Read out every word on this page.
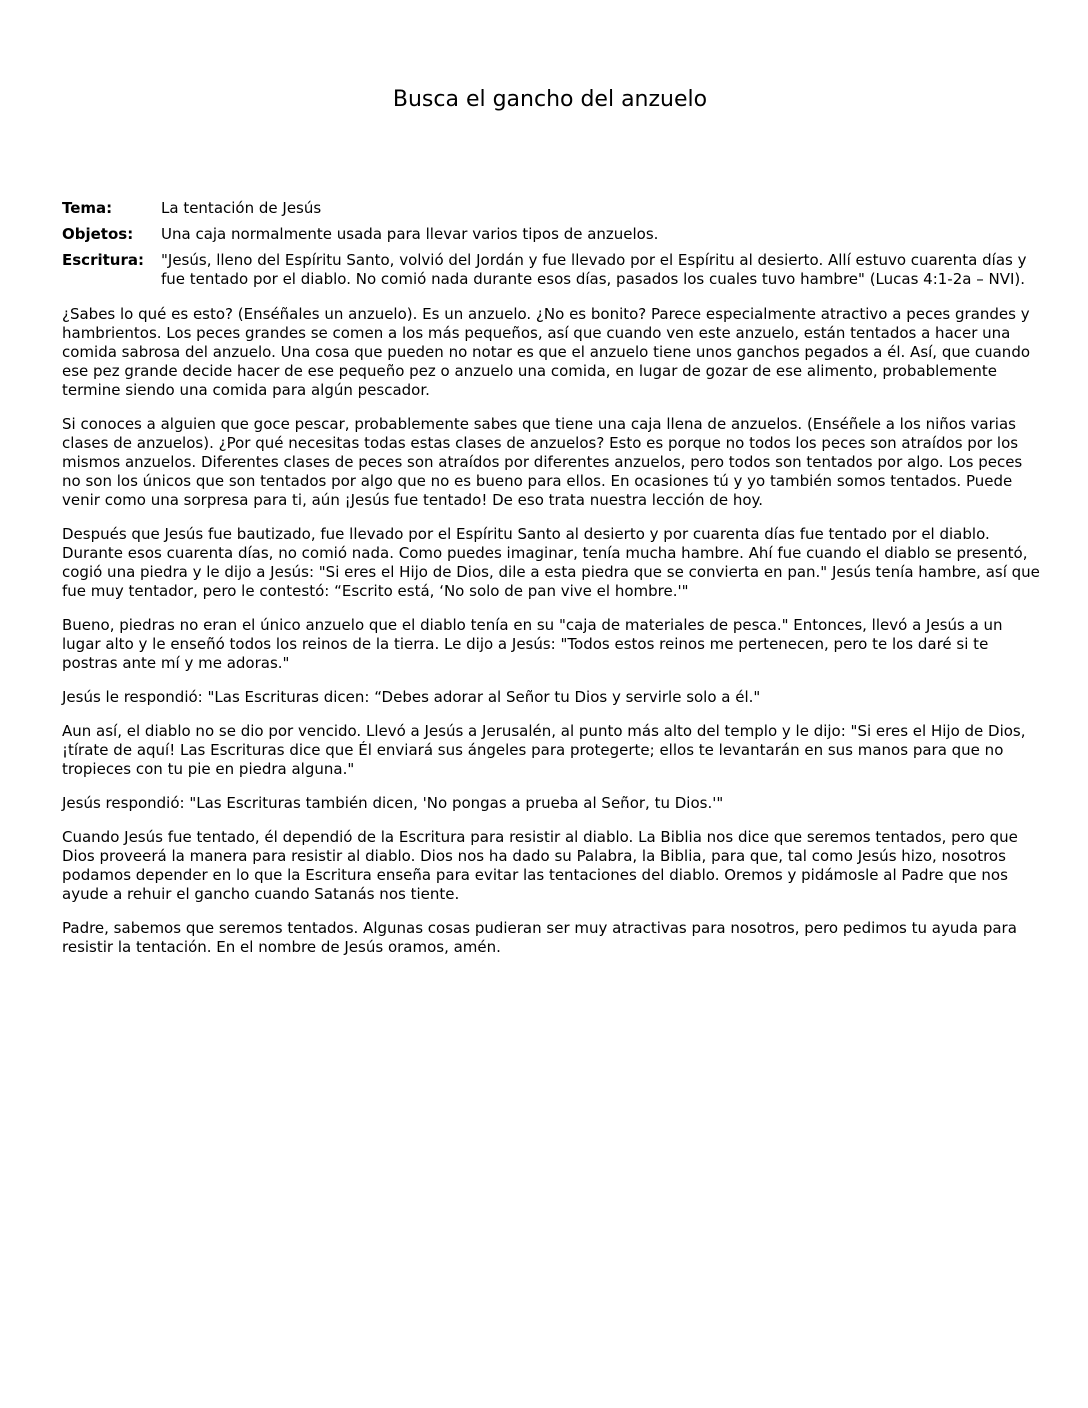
Busca el gancho del anzuelo
Tema:	La tentación de Jesús
Objetos:	Una caja normalmente usada para llevar varios tipos de anzuelos.
Escritura:	"Jesús, lleno del Espíritu Santo, volvió del Jordán y fue llevado por el Espíritu al desierto. Allí estuvo cuarenta días y fue tentado por el diablo. No comió nada durante esos días, pasados los cuales tuvo hambre" (Lucas 4:1-2a – NVI).

¿Sabes lo qué es esto? (Enséñales un anzuelo). Es un anzuelo. ¿No es bonito? Parece especialmente atractivo a peces grandes y hambrientos. Los peces grandes se comen a los más pequeños, así que cuando ven este anzuelo, están tentados a hacer una comida sabrosa del anzuelo. Una cosa que pueden no notar es que el anzuelo tiene unos ganchos pegados a él. Así, que cuando ese pez grande decide hacer de ese pequeño pez o anzuelo una comida, en lugar de gozar de ese alimento, probablemente termine siendo una comida para algún pescador.

Si conoces a alguien que goce pescar, probablemente sabes que tiene una caja llena de anzuelos. (Enséñele a los niños varias clases de anzuelos). ¿Por qué necesitas todas estas clases de anzuelos? Esto es porque no todos los peces son atraídos por los mismos anzuelos. Diferentes clases de peces son atraídos por diferentes anzuelos, pero todos son tentados por algo. Los peces no son los únicos que son tentados por algo que no es bueno para ellos. En ocasiones tú y yo también somos tentados. Puede venir como una sorpresa para ti, aún ¡Jesús fue tentado! De eso trata nuestra lección de hoy.

Después que Jesús fue bautizado, fue llevado por el Espíritu Santo al desierto y por cuarenta días fue tentado por el diablo. Durante esos cuarenta días, no comió nada. Como puedes imaginar, tenía mucha hambre. Ahí fue cuando el diablo se presentó, cogió una piedra y le dijo a Jesús: "Si eres el Hijo de Dios, dile a esta piedra que se convierta en pan." Jesús tenía hambre, así que fue muy tentador, pero le contestó: “Escrito está, ‘No solo de pan vive el hombre.'"

Bueno, piedras no eran el único anzuelo que el diablo tenía en su "caja de materiales de pesca." Entonces, llevó a Jesús a un lugar alto y le enseñó todos los reinos de la tierra. Le dijo a Jesús: "Todos estos reinos me pertenecen, pero te los daré si te postras ante mí y me adoras."

Jesús le respondió: "Las Escrituras dicen: “Debes adorar al Señor tu Dios y servirle solo a él."

Aun así, el diablo no se dio por vencido. Llevó a Jesús a Jerusalén, al punto más alto del templo y le dijo: "Si eres el Hijo de Dios, ¡tírate de aquí! Las Escrituras dice que Él enviará sus ángeles para protegerte; ellos te levantarán en sus manos para que no tropieces con tu pie en piedra alguna."

Jesús respondió: "Las Escrituras también dicen, 'No pongas a prueba al Señor, tu Dios.'"

Cuando Jesús fue tentado, él dependió de la Escritura para resistir al diablo. La Biblia nos dice que seremos tentados, pero que Dios proveerá la manera para resistir al diablo. Dios nos ha dado su Palabra, la Biblia, para que, tal como Jesús hizo, nosotros podamos depender en lo que la Escritura enseña para evitar las tentaciones del diablo. Oremos y pidámosle al Padre que nos ayude a rehuir el gancho cuando Satanás nos tiente.

Padre, sabemos que seremos tentados. Algunas cosas pudieran ser muy atractivas para nosotros, pero pedimos tu ayuda para resistir la tentación. En el nombre de Jesús oramos, amén.
